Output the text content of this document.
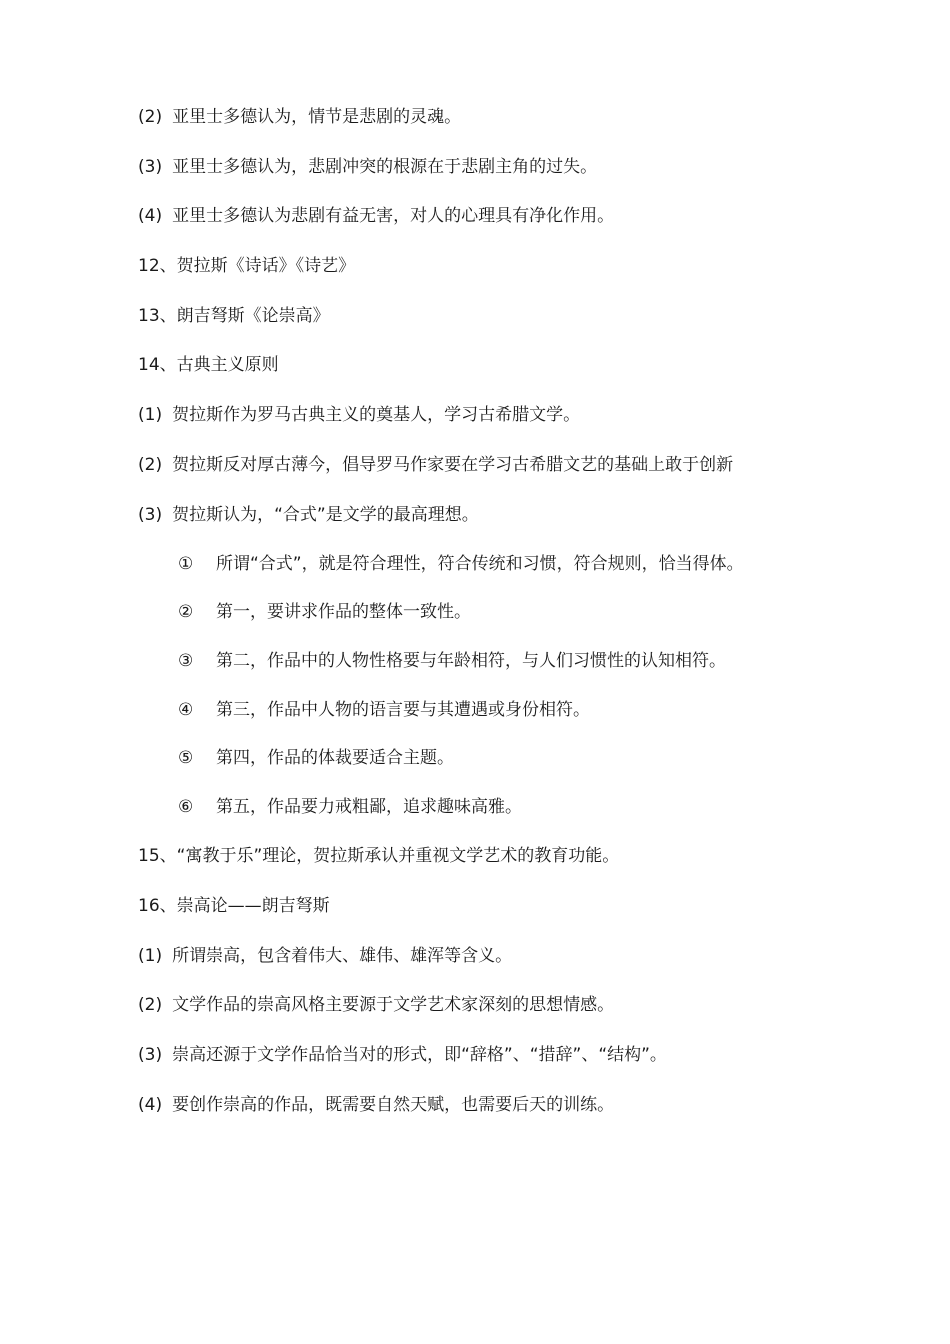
(2) 亚里士多德认为，情节是悲剧的灵魂。
(3) 亚里士多德认为，悲剧冲突的根源在于悲剧主角的过失。
(4) 亚里士多德认为悲剧有益无害，对人的心理具有净化作用。
12、贺拉斯《诗话》《诗艺》
13、朗吉弩斯《论崇高》
14、古典主义原则
(1) 贺拉斯作为罗马古典主义的奠基人，学习古希腊文学。
(2) 贺拉斯反对厚古薄今，倡导罗马作家要在学习古希腊文艺的基础上敢于创新
(3) 贺拉斯认为，“合式”是文学的最高理想。
① 所谓“合式”，就是符合理性，符合传统和习惯，符合规则，恰当得体。
② 第一，要讲求作品的整体一致性。
③ 第二，作品中的人物性格要与年龄相符，与人们习惯性的认知相符。
④ 第三，作品中人物的语言要与其遭遇或身份相符。
⑤ 第四，作品的体裁要适合主题。
⑥ 第五，作品要力戒粗鄙，追求趣味高雅。
15、“寓教于乐”理论，贺拉斯承认并重视文学艺术的教育功能。
16、崇高论——朗吉弩斯
(1) 所谓崇高，包含着伟大、雄伟、雄浑等含义。
(2) 文学作品的崇高风格主要源于文学艺术家深刻的思想情感。
(3) 崇高还源于文学作品恰当对的形式，即“辞格”、“措辞”、“结构”。
(4) 要创作崇高的作品，既需要自然天赋，也需要后天的训练。
